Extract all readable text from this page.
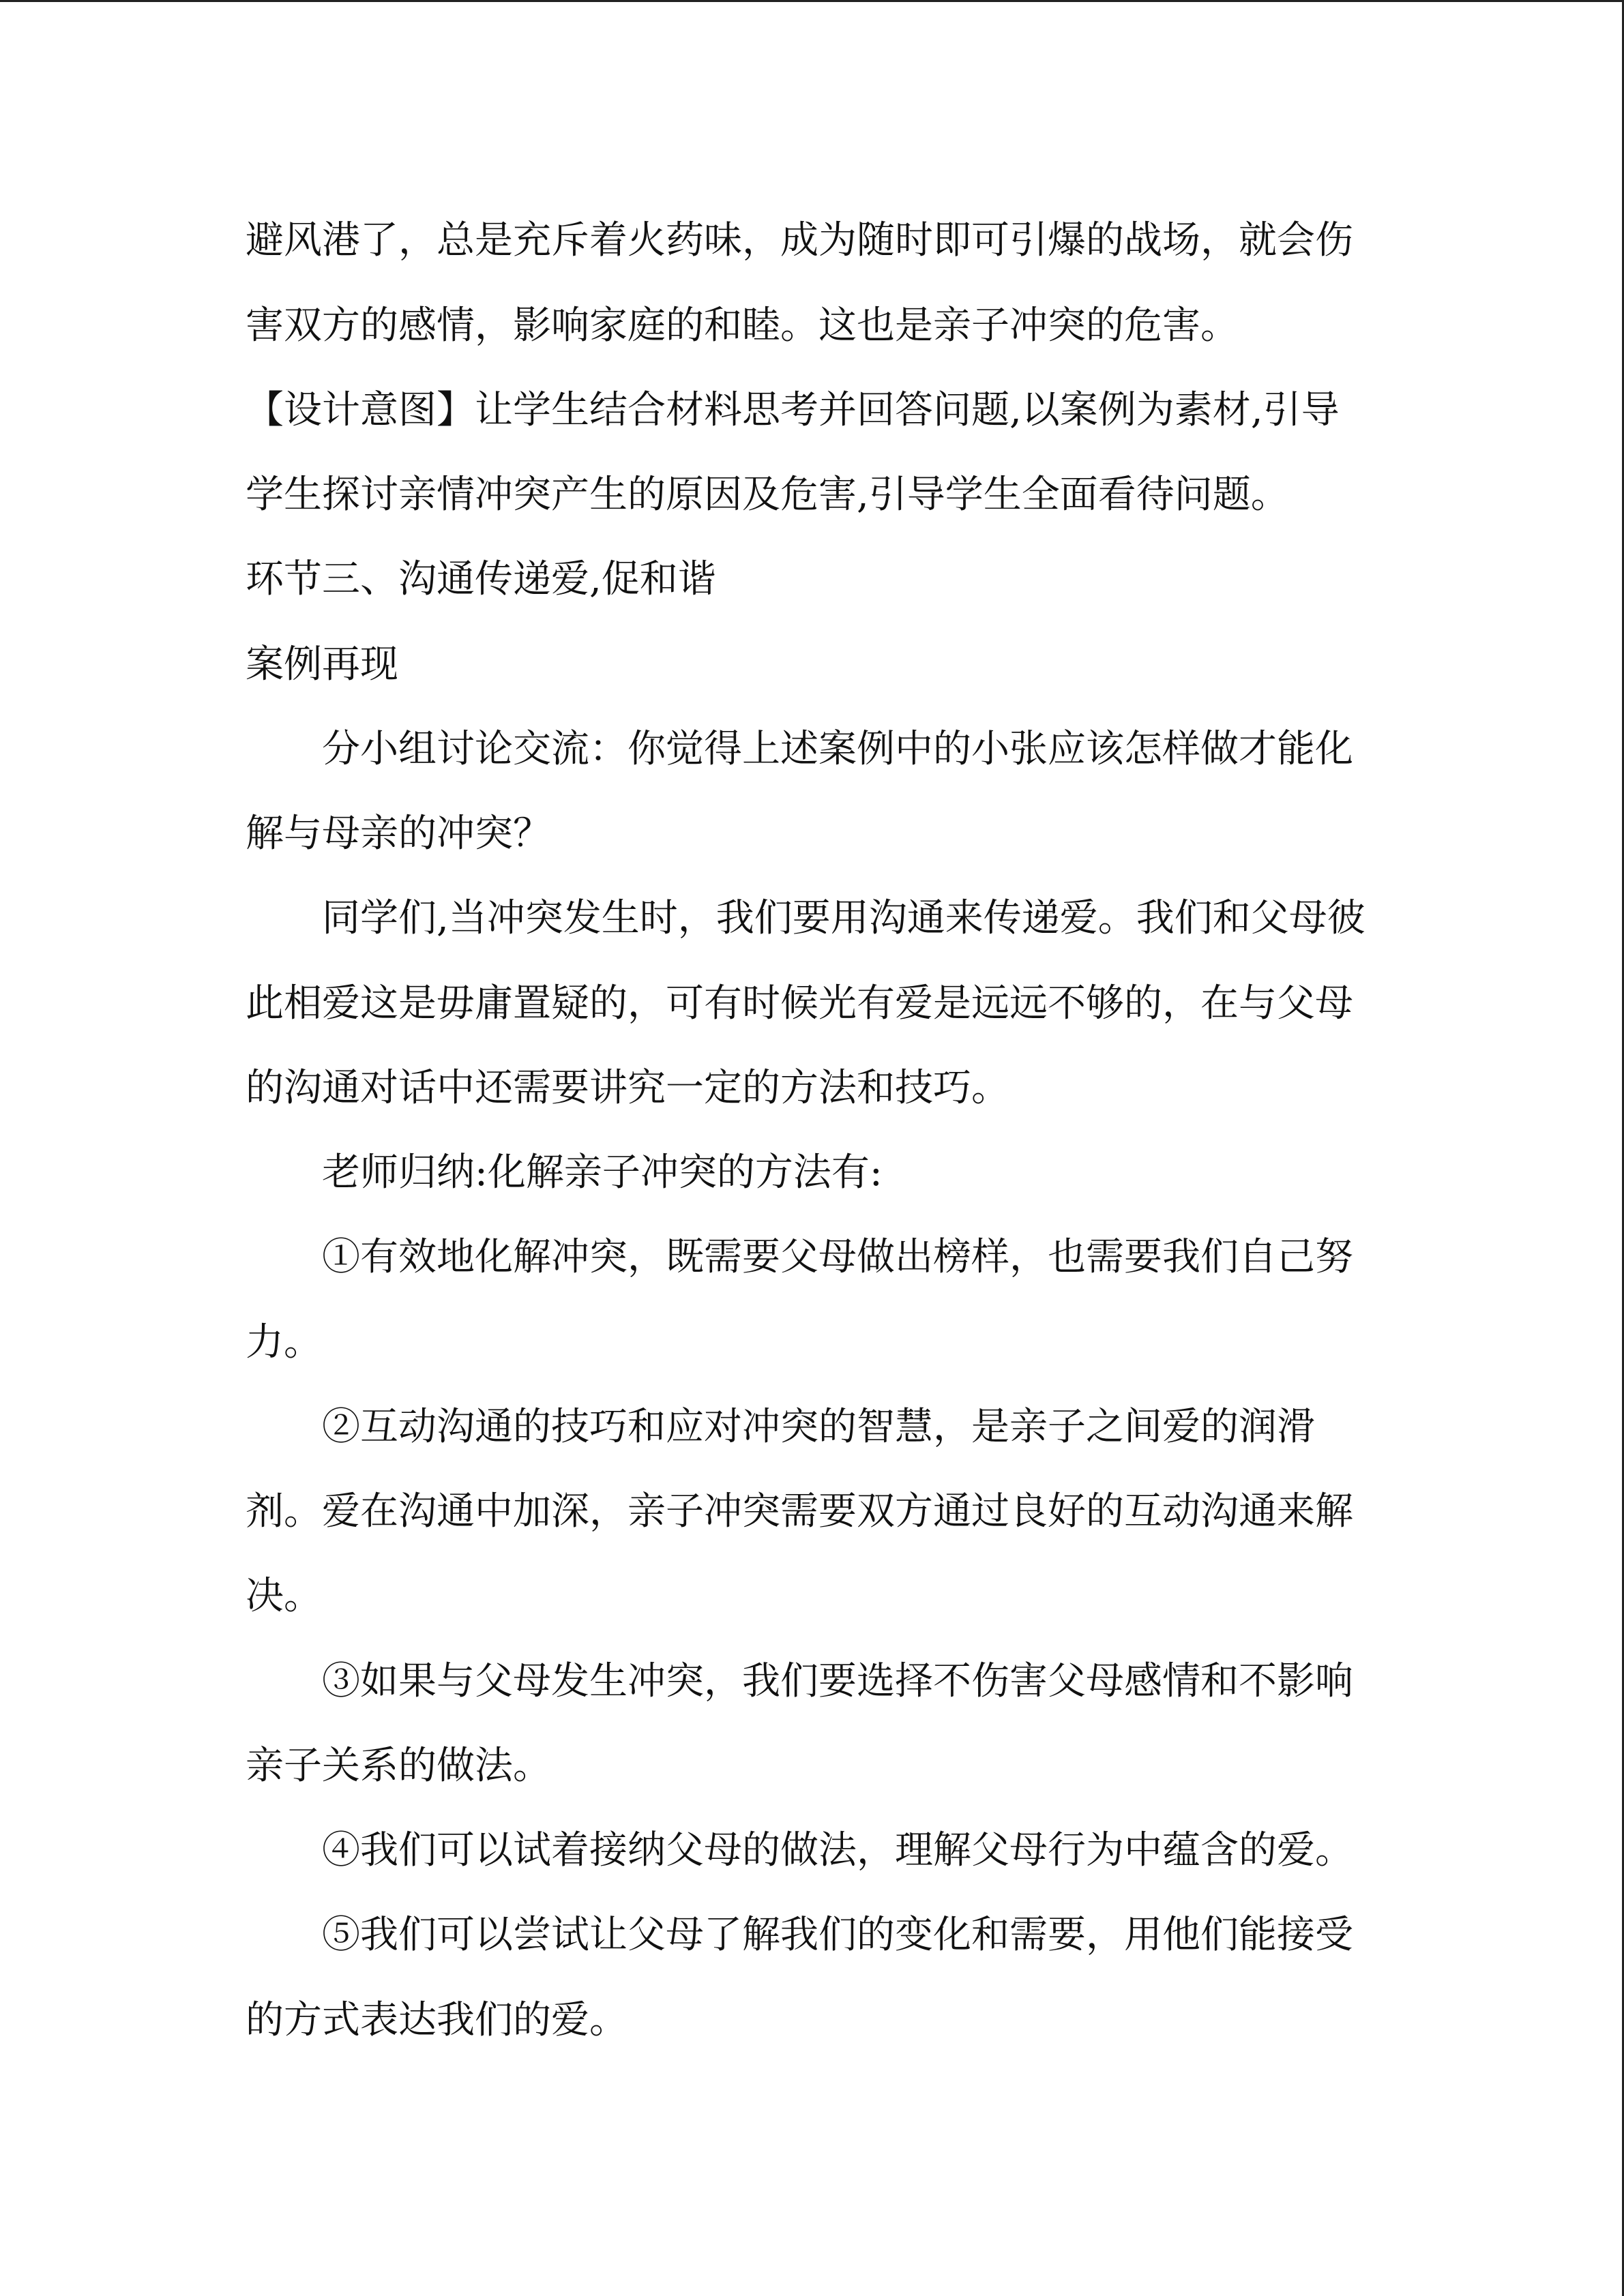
避风港了，总是充斥着火药味，成为随时即可引爆的战场，就会伤
害双方的感情，影响家庭的和睦。这也是亲子冲突的危害。
【设计意图】让学生结合材料思考并回答问题,以案例为素材,引导
学生探讨亲情冲突产生的原因及危害,引导学生全面看待问题。
环节三、沟通传递爱,促和谐
案例再现
分小组讨论交流：你觉得上述案例中的小张应该怎样做才能化
解与母亲的冲突？
同学们,当冲突发生时，我们要用沟通来传递爱。我们和父母彼
此相爱这是毋庸置疑的，可有时候光有爱是远远不够的，在与父母
的沟通对话中还需要讲究一定的方法和技巧。
老师归纳:化解亲子冲突的方法有:
①有效地化解冲突，既需要父母做出榜样，也需要我们自己努
力。
②互动沟通的技巧和应对冲突的智慧，是亲子之间爱的润滑
剂。爱在沟通中加深，亲子冲突需要双方通过良好的互动沟通来解
决。
③如果与父母发生冲突，我们要选择不伤害父母感情和不影响
亲子关系的做法。
④我们可以试着接纳父母的做法，理解父母行为中蕴含的爱。
⑤我们可以尝试让父母了解我们的变化和需要，用他们能接受
的方式表达我们的爱。
